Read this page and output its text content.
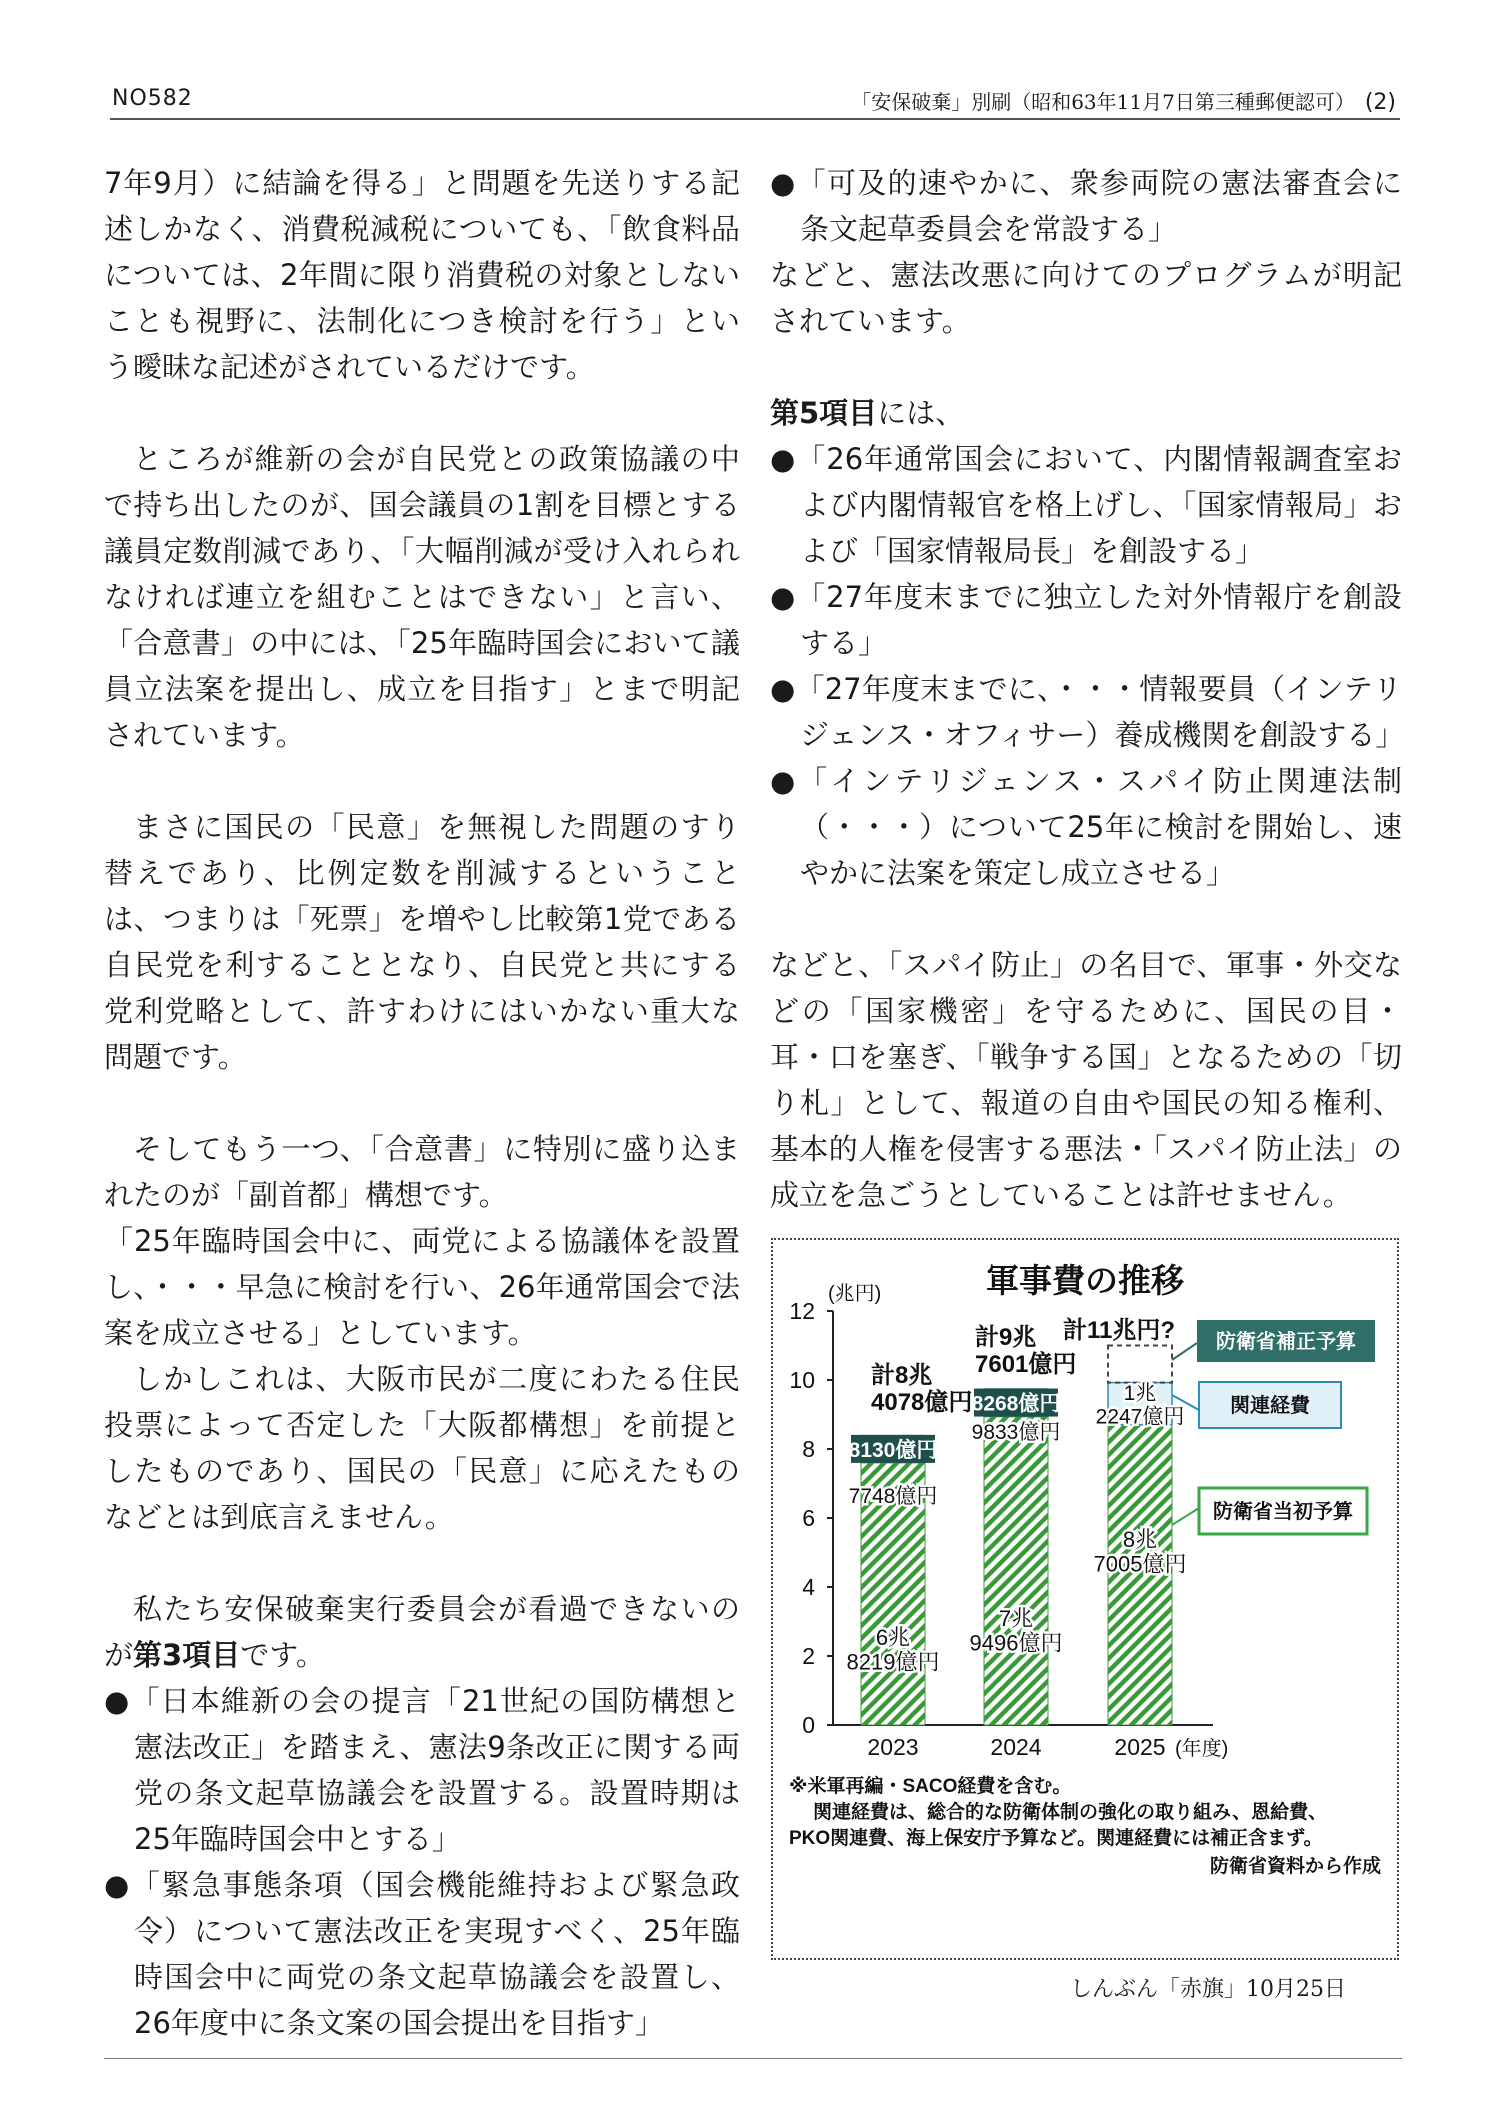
NO582	「安保破棄」別刷（昭和63年11月7日第三種郵便認可） (2)

7年9月）に結論を得る」と問題を先送りする記述しかなく、消費税減税についても、「飲食料品については、2年間に限り消費税の対象としないことも視野に、法制化につき検討を行う」という曖昧な記述がされているだけです。

ところが維新の会が自民党との政策協議の中で持ち出したのが、国会議員の1割を目標とする議員定数削減であり、「大幅削減が受け入れられなければ連立を組むことはできない」と言い、「合意書」の中には、「25年臨時国会において議員立法案を提出し、成立を目指す」とまで明記されています。

まさに国民の「民意」を無視した問題のすり替えであり、比例定数を削減するということは、つまりは「死票」を増やし比較第1党である自民党を利することとなり、自民党と共にする党利党略として、許すわけにはいかない重大な問題です。

そしてもう一つ、「合意書」に特別に盛り込まれたのが「副首都」構想です。

「25年臨時国会中に、両党による協議体を設置し、・・・早急に検討を行い、26年通常国会で法案を成立させる」としています。

しかしこれは、大阪市民が二度にわたる住民投票によって否定した「大阪都構想」を前提としたものであり、国民の「民意」に応えたものなどとは到底言えません。

私たち安保破棄実行委員会が看過できないのが第3項目です。

●「日本維新の会の提言「21世紀の国防構想と憲法改正」を踏まえ、憲法9条改正に関する両党の条文起草協議会を設置する。設置時期は25年臨時国会中とする」

●「緊急事態条項（国会機能維持および緊急政令）について憲法改正を実現すべく、25年臨時国会中に両党の条文起草協議会を設置し、26年度中に条文案の国会提出を目指す」

●「可及的速やかに、衆参両院の憲法審査会に条文起草委員会を常設する」

などと、憲法改悪に向けてのプログラムが明記されています。

第5項目には、

●「26年通常国会において、内閣情報調査室および内閣情報官を格上げし、「国家情報局」および「国家情報局長」を創設する」

●「27年度末までに独立した対外情報庁を創設する」

●「27年度末までに、・・・情報要員（インテリジェンス・オフィサー）養成機関を創設する」

●「インテリジェンス・スパイ防止関連法制（・・・）について25年に検討を開始し、速やかに法案を策定し成立させる」

などと、「スパイ防止」の名目で、軍事・外交などの「国家機密」を守るために、国民の目・耳・口を塞ぎ、「戦争する国」となるための「切り札」として、報道の自由や国民の知る権利、基本的人権を侵害する悪法・「スパイ防止法」の成立を急ごうとしていることは許せません。

軍事費の推移
(兆円)
0
2
4
6
8
10
12
2023	2024	2025 (年度)
6兆
8219億円
7兆
9496億円
8兆
7005億円
7748億円
9833億円
1兆
2247億円
8130億円
8268億円
計8兆
4078億円
計9兆
7601億円
計11兆円? 防衛省補正予算
関連経費
防衛省当初予算
※米軍再編・SACO経費を含む。
関連経費は、総合的な防衛体制の強化の取り組み、恩給費、
PKO関連費、海上保安庁予算など。関連経費には補正含まず。
防衛省資料から作成
しんぶん「赤旗」10月25日
